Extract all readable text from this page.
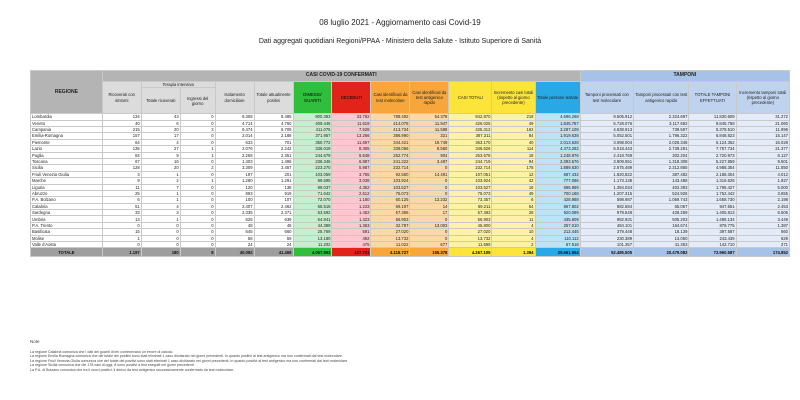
08 luglio 2021 - Aggiornamento casi Covid-19
Dati aggregati quotidiani Regioni/PPAA - Ministero della Salute - Istituto Superiore di Sanità
REGIONE	CASI COVID-19 CONFERMATI												TAMPONI			
	Ricoverati con sintomi	Terapia intensiva		Isolamento domiciliare	Totale attualmente positivi	DIMESSI/ GUARITI	DECEDUTI	Casi identificati da test molecolare	Casi identificati da test antigenico rapido	CASI TOTALI	Incremento casi totali (rispetto al giorno precedente)	Totale persone testate	Tamponi processati con test molecolare	Tamponi processati con test antigenico rapido	TOTALE TAMPONI EFFETTUATI	Incremento tamponi totali (rispetto al giorno precedente)
		Totale ricoverati	Ingressi del giorno													
Lombardia	134	43	0	8.308	8.485	800.393	33.782	788.492	54.378	842.870	219	4.696.268	9.505.912	2.324.697	11.830.609	31.272
Veneto	40	6	0	4.714	4.760	409.446	11.619	414.078	11.947	426.025	49	1.845.787	5.728.076	3.117.682	8.845.758	21.060
Campania	215	20	3	6.474	6.709	411.075	7.528	413.734	11.588	425.312	162	3.287.109	4.638.913	739.597	5.378.510	11.996
Emilia-Romagna	157	17	0	2.014	2.188	371.957	13.266	386.990	321	387.311	84	1.919.638	5.052.501	1.796.322	6.848.823	15.147
Piemonte	64	4	0	633	701	350.772	11.697	344.421	18.749	363.170	40	2.013.628	3.098.004	2.026.348	5.124.352	15.028
Lazio	135	27	1	2.076	2.242	336.019	8.365	338.066	8.560	346.626	114	4.473.282	5.018.443	2.739.291	7.757.734	21.377
Puglia	84	9	1	2.258	2.351	244.679	6.648	252.774	904	253.678	18	1.248.976	2.418.769	302.204	2.720.973	6.127
Toscana	67	16	0	1.403	1.486	236.346	6.887	241.222	3.497	244.719	94	2.393.576	3.909.551	1.318.308	5.227.859	9.501
Sicilia	128	20	2	3.309	3.457	223.270	5.987	232.714	0	232.714	178	1.889.630	2.675.489	2.312.865	4.988.354	11.850
Friuli Venezia Giulia	3	1	0	197	201	103.059	3.785	92.560	14.491	107.051	12	687.432	1.820.822	387.482	2.188.304	4.012
Marche	9	2	1	1.280	1.291	99.595	3.038	103.924	0	103.924	42	777.086	1.173.138	143.488	1.316.626	1.927
Liguria	11	7	0	120	138	99.037	4.352	103.527	0	103.527	16	696.969	1.394.034	402.393	1.796.427	5.000
Abruzzo	25	1	0	893	919	71.642	2.512	75.073	0	75.073	49	700.168	1.207.315	524.926	1.752.442	3.655
P.A. Bolzano	6	1	0	100	107	72.070	1.180	60.125	13.232	73.357	6	428.988	598.987	1.059.743	1.658.730	2.198
Calabria	51	4	0	2.407	2.462	65.516	1.233	69.197	14	69.211	54	867.802	882.584	65.067	947.651	2.453
Sardegna	33	3	0	2.335	2.371	53.592	1.452	57.366	17	57.383	28	920.089	979.548	426.269	1.405.813	6.506
Umbria	13	1	0	625	639	54.841	1.423	56.903	0	56.903	11	435.609	982.931	505.203	1.488.134	3.449
P.A. Trento	0	0	0	48	48	44.389	1.363	32.797	13.003	45.800	4	257.010	484.101	164.674	878.775	1.387
Basilicata	15	0	0	645	660	25.769	591	27.020	0	27.020	10	212.445	379.448	18.139	397.587	660
Molise	1	0	0	58	59	13.180	492	13.732	0	13.732	4	110.112	230.389	13.050	243.439	629
Valle d'Aosta	0	0	0	24	24	11.202	475	11.022	677	11.699	2	67.518	101.357	41.353	142.710	271
TOTALE	1.197	180	8	40.092	41.469	4.057.993	127.731	4.115.727	155.378	4.267.105	1.394	25.661.554	52.485.505	20.479.082	72.960.587	174.852
Note
La regione Calabria comunica che i dati dei guariti di ieri contenevano un errore di calcolo.
La regione Emilia Romagna comunica che del totale dei positivi sono stati eliminati 1 caso dichiarato nei giorni precedenti. In quanto positivi al test antigenico ma non confermati dal test molecolare.
La regione Friuli Venezia Giulia comunica che del totale dei positivi sono stati eliminati 1 caso dichiarato nei giorni precedenti. In quanto positivi al test antigenico ma non confermati dal test molecolare.
La regione Sicilia comunica che dei 178 casi di oggi, 8 sono positivi a test eseguiti nei giorni precedenti.
La P.A. di Bolzano comunica che tra il nuovi positivi, il derivo da test antigenico successivamente confermato da test molecolare.
